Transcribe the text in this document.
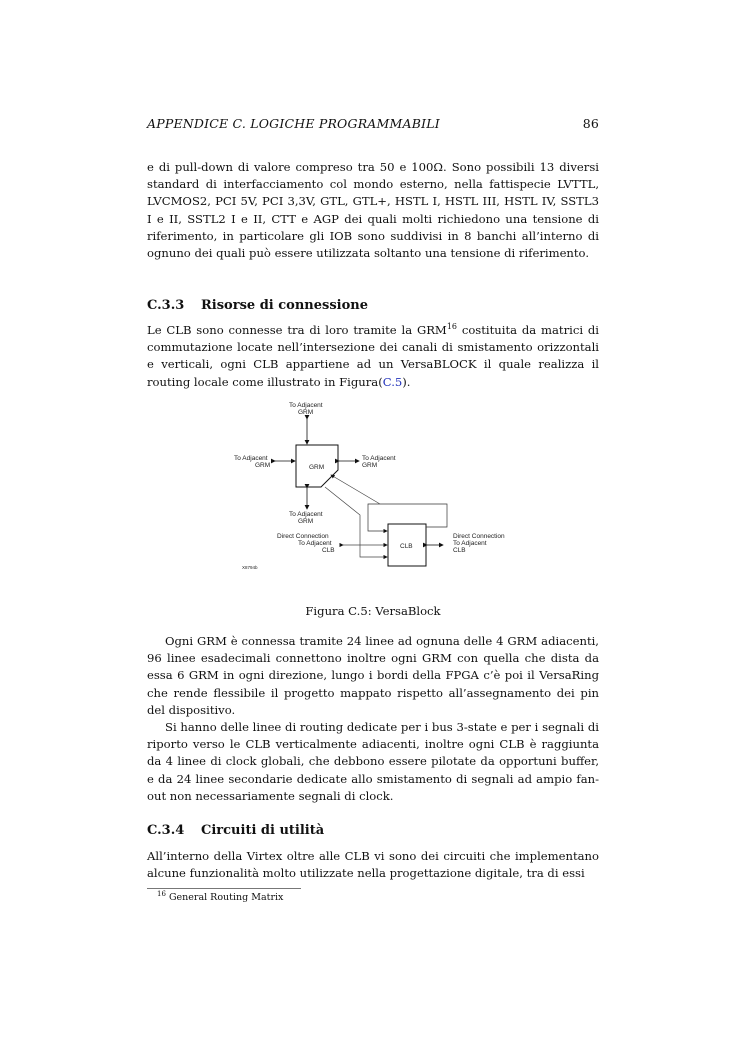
APPENDICE C. LOGICHE PROGRAMMABILI	86

e di pull-down di valore compreso tra 50 e 100Ω. Sono possibili 13 diversi standard di interfacciamento col mondo esterno, nella fattispecie LVTTL, LVCMOS2, PCI 5V, PCI 3,3V, GTL, GTL+, HSTL I, HSTL III, HSTL IV, SSTL3 I e II, SSTL2 I e II, CTT e AGP dei quali molti richiedono una tensione di riferimento, in particolare gli IOB sono suddivisi in 8 banchi all’interno di ognuno dei quali può essere utilizzata soltanto una tensione di riferimento.

C.3.3 Risorse di connessione

Le CLB sono connesse tra di loro tramite la GRM$^{16}$ costituita da matrici di commutazione locate nell’intersezione dei canali di smistamento orizzontali e verticali, ogni CLB appartiene ad un VersaBLOCK il quale realizza il routing locale come illustrato in Figura(C.5).

Figura C.5: VersaBlock

Ogni GRM è connessa tramite 24 linee ad ognuna delle 4 GRM adiacenti, 96 linee esadecimali connettono inoltre ogni GRM con quella che dista da essa 6 GRM in ogni direzione, lungo i bordi della FPGA c’è poi il VersaRing che rende flessibile il progetto mappato rispetto all’assegnamento dei pin del dispositivo.

Si hanno delle linee di routing dedicate per i bus 3-state e per i segnali di riporto verso le CLB verticalmente adiacenti, inoltre ogni CLB è raggiunta da 4 linee di clock globali, che debbono essere pilotate da opportuni buffer, e da 24 linee secondarie dedicate allo smistamento di segnali ad ampio fan-out non necessariamente segnali di clock.

C.3.4 Circuiti di utilità

All’interno della Virtex oltre alle CLB vi sono dei circuiti che implementano alcune funzionalità molto utilizzate nella progettazione digitale, tra di essi

$^{16}$ General Routing Matrix
GRM
To Adjacent
GRM
To Adjacent
GRM
To Adjacent
GRM
To Adjacent
GRM
CLB
Direct Connection
To Adjacent
CLB
Direct Connection
To Adjacent
CLB
X8794b
